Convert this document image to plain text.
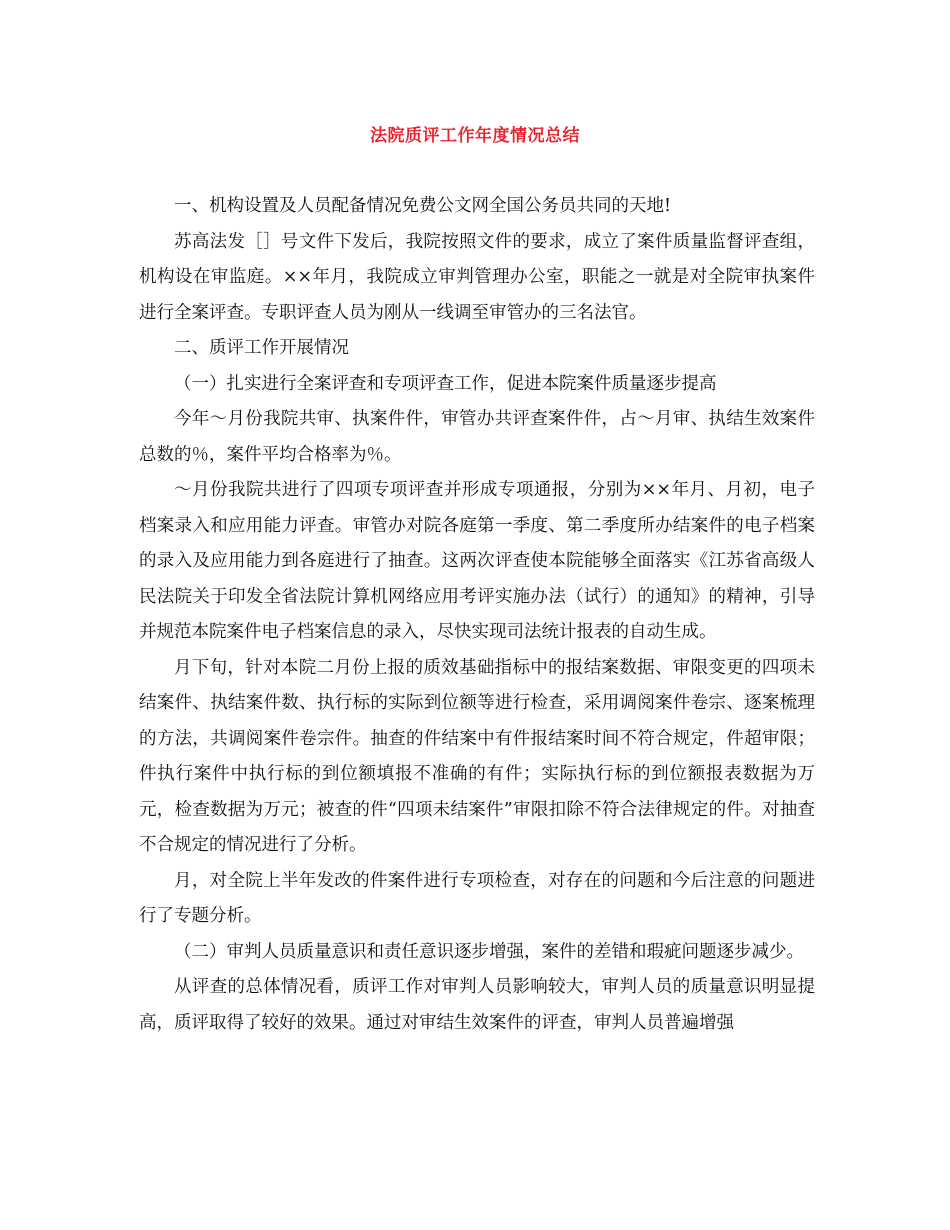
法院质评工作年度情况总结

一、机构设置及人员配备情况免费公文网全国公务员共同的天地!

苏高法发［］号文件下发后，我院按照文件的要求，成立了案件质量监督评查组，机构设在审监庭。××年月，我院成立审判管理办公室，职能之一就是对全院审执案件进行全案评查。专职评查人员为刚从一线调至审管办的三名法官。

二、质评工作开展情况

（一）扎实进行全案评查和专项评查工作，促进本院案件质量逐步提高

今年～月份我院共审、执案件件，审管办共评查案件件，占～月审、执结生效案件总数的％，案件平均合格率为％。

～月份我院共进行了四项专项评查并形成专项通报，分别为××年月、月初，电子档案录入和应用能力评查。审管办对院各庭第一季度、第二季度所办结案件的电子档案的录入及应用能力到各庭进行了抽查。这两次评查使本院能够全面落实《江苏省高级人民法院关于印发全省法院计算机网络应用考评实施办法（试行）的通知》的精神，引导并规范本院案件电子档案信息的录入，尽快实现司法统计报表的自动生成。

月下旬，针对本院二月份上报的质效基础指标中的报结案数据、审限变更的四项未结案件、执结案件数、执行标的实际到位额等进行检查，采用调阅案件卷宗、逐案梳理的方法，共调阅案件卷宗件。抽查的件结案中有件报结案时间不符合规定，件超审限；件执行案件中执行标的到位额填报不准确的有件；实际执行标的到位额报表数据为万元，检查数据为万元；被查的件“四项未结案件”审限扣除不符合法律规定的件。对抽查不合规定的情况进行了分析。

月，对全院上半年发改的件案件进行专项检查，对存在的问题和今后注意的问题进行了专题分析。

（二）审判人员质量意识和责任意识逐步增强，案件的差错和瑕疵问题逐步减少。

从评查的总体情况看，质评工作对审判人员影响较大，审判人员的质量意识明显提高，质评取得了较好的效果。通过对审结生效案件的评查，审判人员普遍增强
